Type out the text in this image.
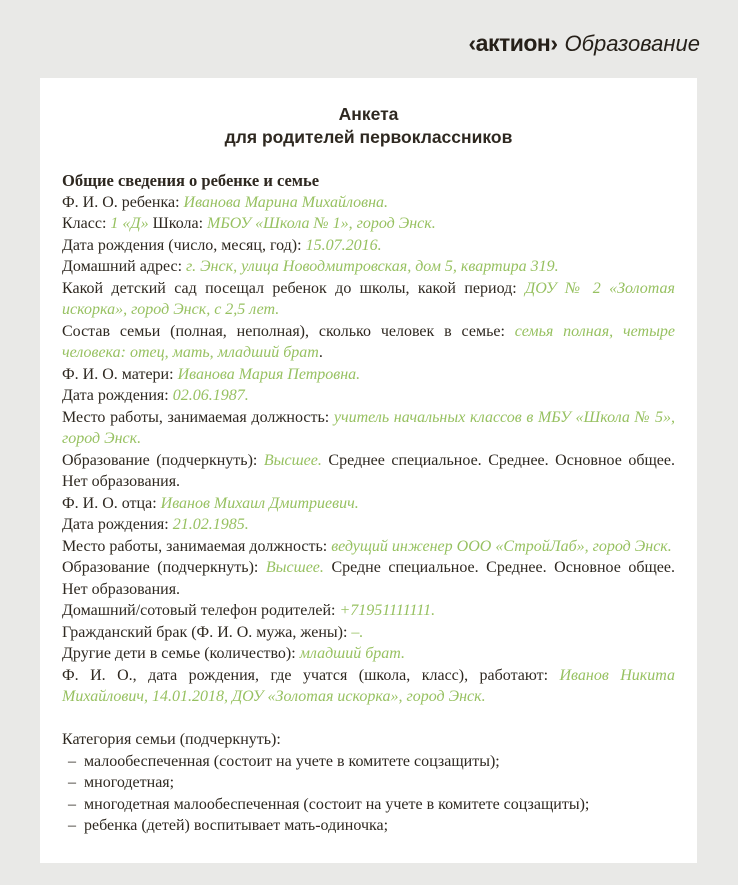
‹актион› Образование
Анкета
для родителей первоклассников
Общие сведения о ребенке и семье

Ф. И. О. ребенка: Иванова Марина Михайловна.

Класс: 1 «Д» Школа: МБОУ «Школа № 1», город Энск.

Дата рождения (число, месяц, год): 15.07.2016.

Домашний адрес: г. Энск, улица Новодмитровская, дом 5, квартира 319.

Какой детский сад посещал ребенок до школы, какой период: ДОУ № 2 «Золотая искорка», город Энск, с 2,5 лет.

Состав семьи (полная, неполная), сколько человек в семье: семья полная, четыре человека: отец, мать, младший брат.

Ф. И. О. матери: Иванова Мария Петровна.

Дата рождения: 02.06.1987.

Место работы, занимаемая должность: учитель начальных классов в МБУ «Школа № 5», город Энск.

Образование (подчеркнуть): Высшее. Среднее специальное. Среднее. Основное общее. Нет образования.

Ф. И. О. отца: Иванов Михаил Дмитриевич.

Дата рождения: 21.02.1985.

Место работы, занимаемая должность: ведущий инженер ООО «СтройЛаб», город Энск.

Образование (подчеркнуть): Высшее. Средне специальное. Среднее. Основное общее. Нет образования.

Домашний/сотовый телефон родителей: +71951111111.

Гражданский брак (Ф. И. О. мужа, жены): –.

Другие дети в семье (количество): младший брат.

Ф. И. О., дата рождения, где учатся (школа, класс), работают: Иванов Никита Михайлович, 14.01.2018, ДОУ «Золотая искорка», город Энск.

Категория семьи (подчеркнуть):

– малообеспеченная (состоит на учете в комитете соцзащиты);
– многодетная;
– многодетная малообеспеченная (состоит на учете в комитете соцзащиты);
– ребенка (детей) воспитывает мать-одиночка;
